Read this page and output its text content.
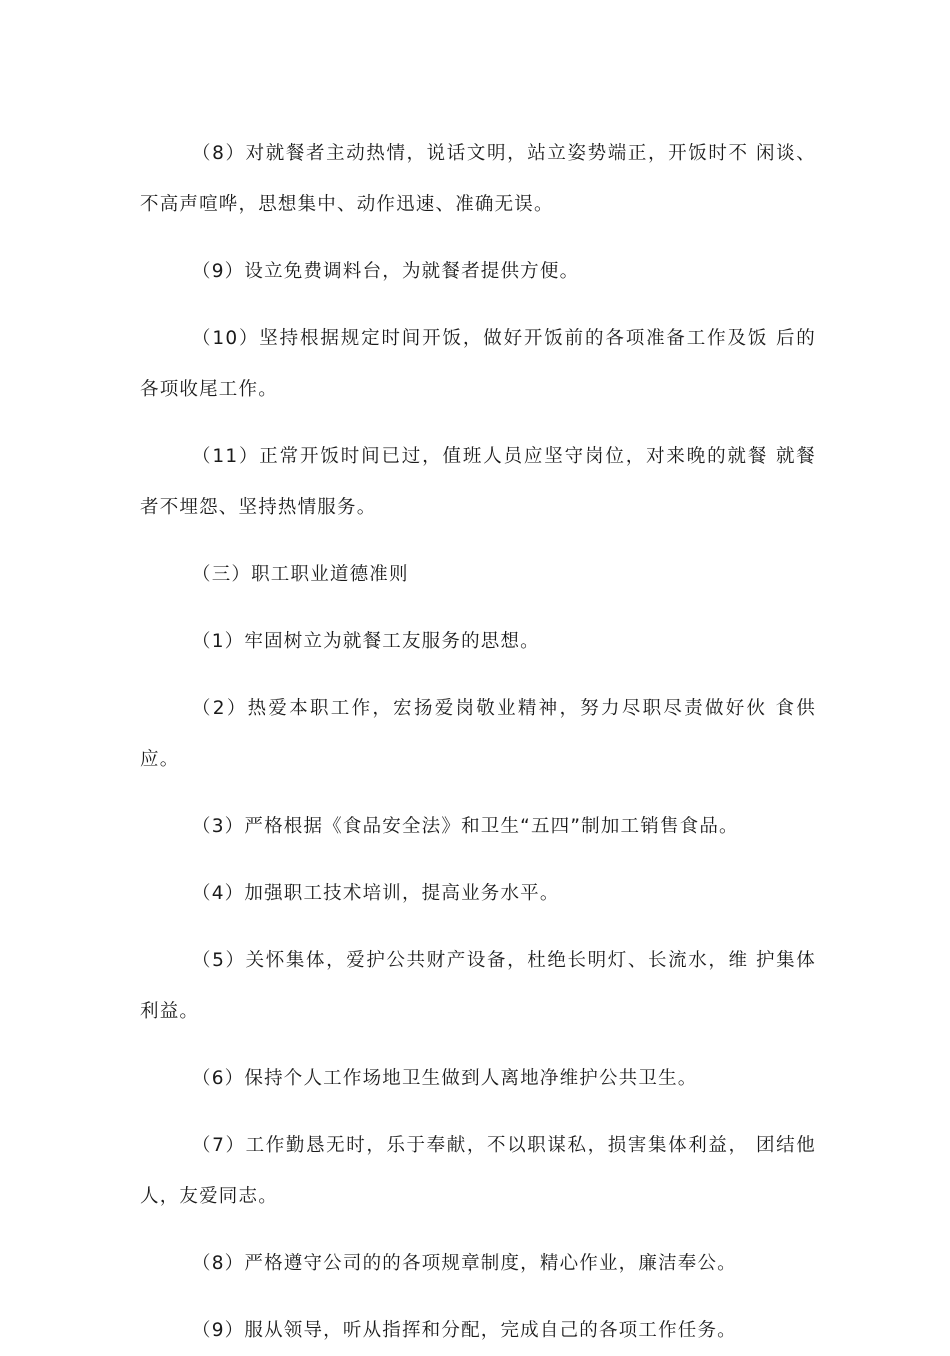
（8）对就餐者主动热情，说话文明，站立姿势端正，开饭时不 闲谈、不高声喧哗，思想集中、动作迅速、准确无误。

（9）设立免费调料台，为就餐者提供方便。

（10）坚持根据规定时间开饭，做好开饭前的各项准备工作及饭 后的各项收尾工作。

（11）正常开饭时间已过，值班人员应坚守岗位，对来晚的就餐 就餐者不埋怨、坚持热情服务。

（三）职工职业道德准则

（1）牢固树立为就餐工友服务的思想。

（2）热爱本职工作，宏扬爱岗敬业精神，努力尽职尽责做好伙 食供应。

（3）严格根据《食品安全法》和卫生“五四”制加工销售食品。

（4）加强职工技术培训，提高业务水平。

（5）关怀集体，爱护公共财产设备，杜绝长明灯、长流水，维 护集体利益。

（6）保持个人工作场地卫生做到人离地净维护公共卫生。

（7）工作勤恳无时，乐于奉献，不以职谋私，损害集体利益， 团结他人，友爱同志。

（8）严格遵守公司的的各项规章制度，精心作业，廉洁奉公。

（9）服从领导，听从指挥和分配，完成自己的各项工作任务。
